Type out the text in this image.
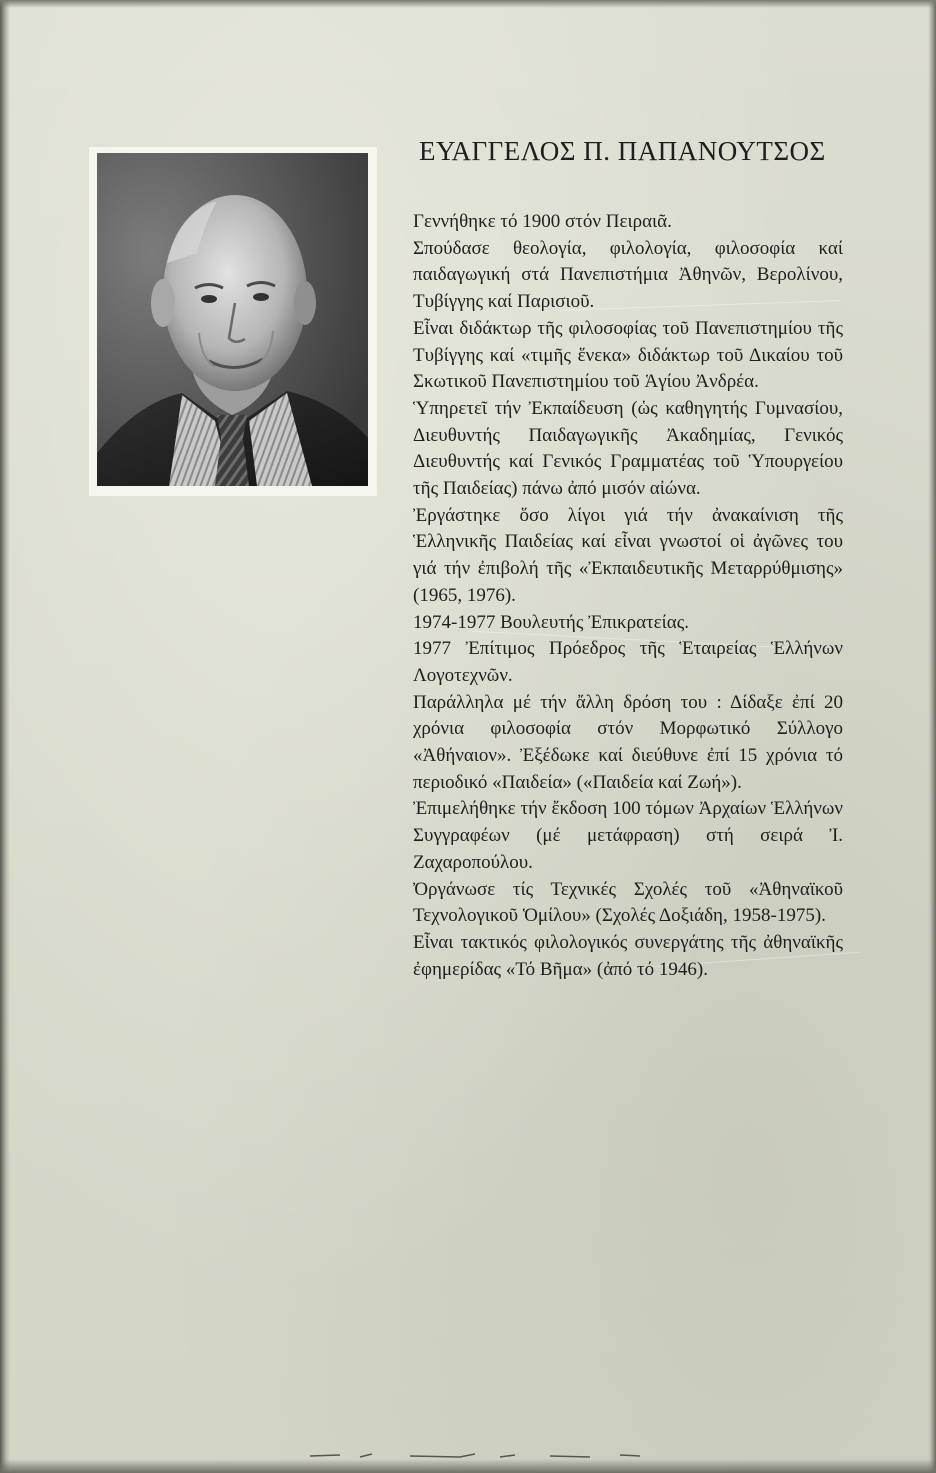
ΕΥΑΓΓΕΛΟΣ Π. ΠΑΠΑΝΟΥΤΣΟΣ

Γεννήθηκε τό 1900 στόν Πειραιᾶ.

Σπούδασε θεολογία, φιλολογία, φιλοσοφία καί παιδαγωγική στά Πανεπιστήμια Ἀθηνῶν, Βερολίνου, Τυβίγγης καί Παρισιοῦ.

Εἶναι διδάκτωρ τῆς φιλοσοφίας τοῦ Πανεπιστημίου τῆς Τυβίγγης καί «τιμῆς ἕνεκα» διδάκτωρ τοῦ Δικαίου τοῦ Σκωτικοῦ Πανεπιστημίου τοῦ Ἁγίου Ἀνδρέα.

Ὑπηρετεῖ τήν Ἐκπαίδευση (ὡς καθηγητής Γυμνασίου, Διευθυντής Παιδαγωγικῆς Ἀκαδημίας, Γενικός Διευθυντής καί Γενικός Γραμματέας τοῦ Ὑπουργείου τῆς Παιδείας) πάνω ἀπό μισόν αἰώνα.

Ἐργάστηκε ὅσο λίγοι γιά τήν ἀνακαίνιση τῆς Ἑλληνικῆς Παιδείας καί εἶναι γνωστοί οἱ ἀγῶνες του γιά τήν ἐπιβολή τῆς «Ἐκπαιδευτικῆς Μεταρρύθμισης» (1965, 1976).

1974-1977 Βουλευτής Ἐπικρατείας.

1977 Ἐπίτιμος Πρόεδρος τῆς Ἑταιρείας Ἑλλήνων Λογοτεχνῶν.

Παράλληλα μέ τήν ἄλλη δρόση του : Δίδαξε ἐπί 20 χρόνια φιλοσοφία στόν Μορφωτικό Σύλλογο «Ἀθήναιον». Ἐξέδωκε καί διεύθυνε ἐπί 15 χρόνια τό περιοδικό «Παιδεία» («Παιδεία καί Ζωή»).

Ἐπιμελήθηκε τήν ἔκδοση 100 τόμων Ἀρχαίων Ἑλλήνων Συγγραφέων (μέ μετάφραση) στή σειρά Ἰ. Ζαχαροπούλου.

Ὀργάνωσε τίς Τεχνικές Σχολές τοῦ «Ἀθηναϊκοῦ Τεχνολογικοῦ Ὁμίλου» (Σχολές Δοξιάδη, 1958-1975).

Εἶναι τακτικός φιλολογικός συνεργάτης τῆς ἀθηναϊκῆς ἐφημερίδας «Τό Βῆμα» (ἀπό τό 1946).
